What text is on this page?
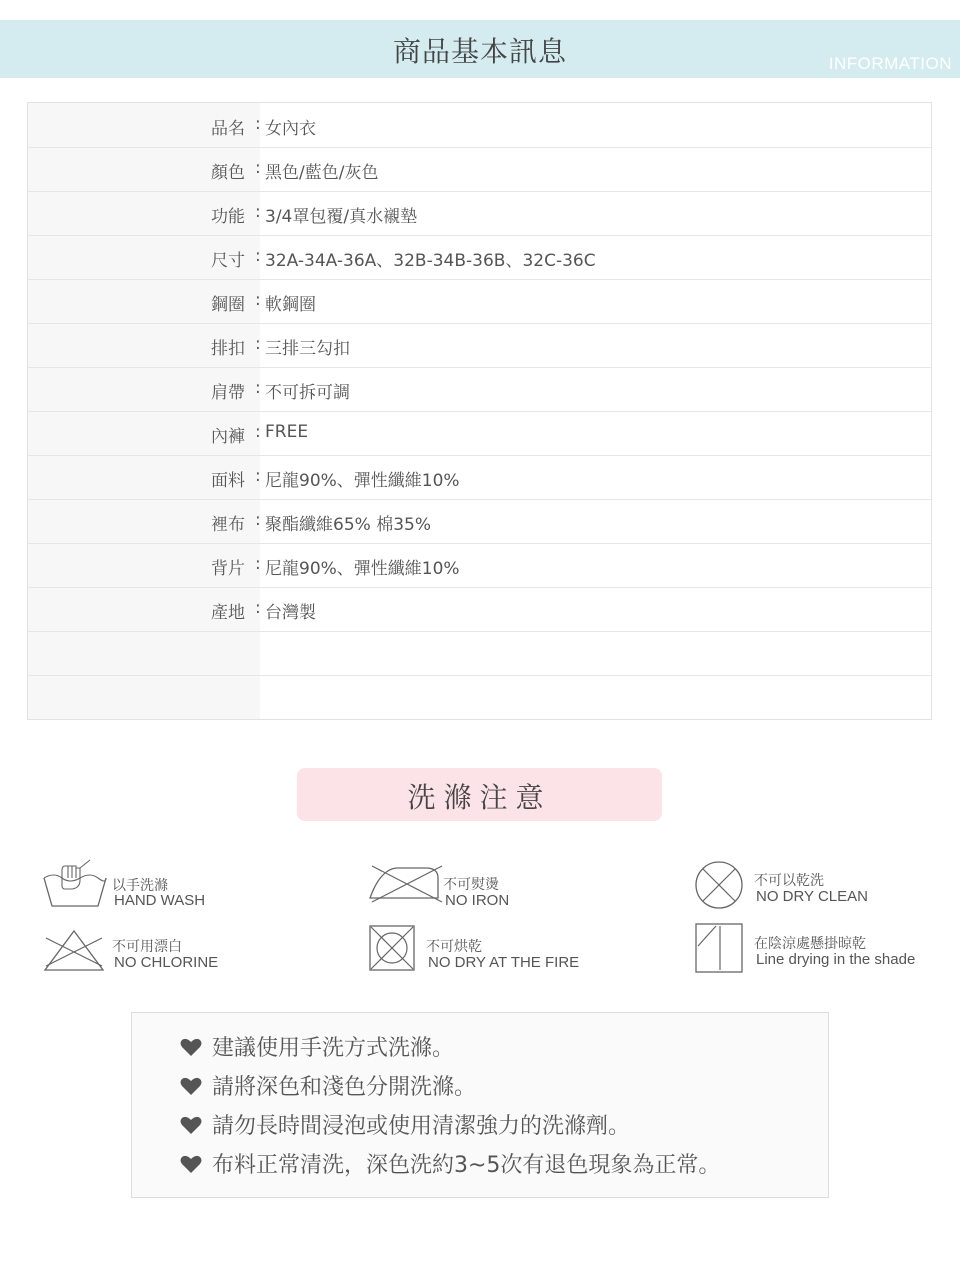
商品基本訊息	INFORMATION
品名 : 女內衣
顏色 : 黑色/藍色/灰色
功能 : 3/4罩包覆/真水襯墊
尺寸 : 32A-34A-36A、32B-34B-36B、32C-36C
鋼圈 : 軟鋼圈
排扣 : 三排三勾扣
肩帶 : 不可拆可調
內褲 : FREE
面料 : 尼龍90%、彈性纖維10%
裡布 : 聚酯纖維65% 棉35%
背片 : 尼龍90%、彈性纖維10%
產地 : 台灣製
洗滌注意
以手洗滌
HAND WASH
不可熨燙
NO IRON
不可以乾洗
NO DRY CLEAN
不可用漂白
NO CHLORINE
不可烘乾
NO DRY AT THE FIRE
在陰涼處懸掛晾乾
Line drying in the shade
建議使用手洗方式洗滌。
請將深色和淺色分開洗滌。
請勿長時間浸泡或使用清潔強力的洗滌劑。
布料正常清洗，深色洗約3~5次有退色現象為正常。
